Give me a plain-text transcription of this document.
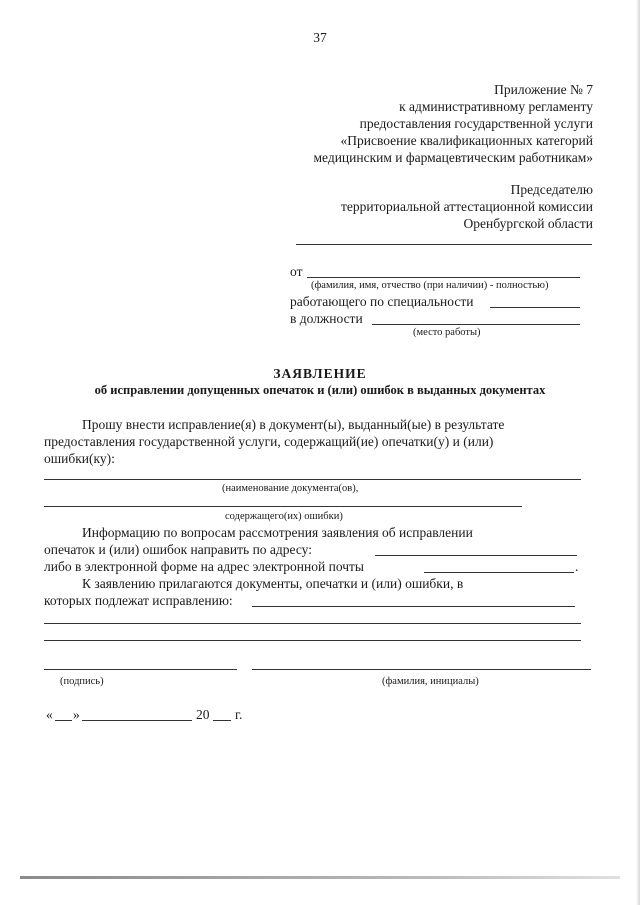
37
Приложение № 7
к административному регламенту
предоставления государственной услуги
«Присвоение квалификационных категорий
медицинским и фармацевтическим работникам»
Председателю
территориальной аттестационной комиссии
Оренбургской области
от
(фамилия, имя, отчество (при наличии) - полностью)
работающего по специальности
в должности
(место работы)
ЗАЯВЛЕНИЕ
об исправлении допущенных опечаток и (или) ошибок в выданных документах
Прошу внести исправление(я) в документ(ы), выданный(ые) в результате
предоставления государственной услуги, содержащий(ие) опечатки(у) и (или)
ошибки(ку):
(наименование документа(ов),
содержащего(их) ошибки)
Информацию по вопросам рассмотрения заявления об исправлении
опечаток и (или) ошибок направить по адресу:
либо в электронной форме на адрес электронной почты	.
К заявлению прилагаются документы, опечатки и (или) ошибки, в
которых подлежат исправлению:
(подпись)	(фамилия, инициалы)
« »	20 г.
